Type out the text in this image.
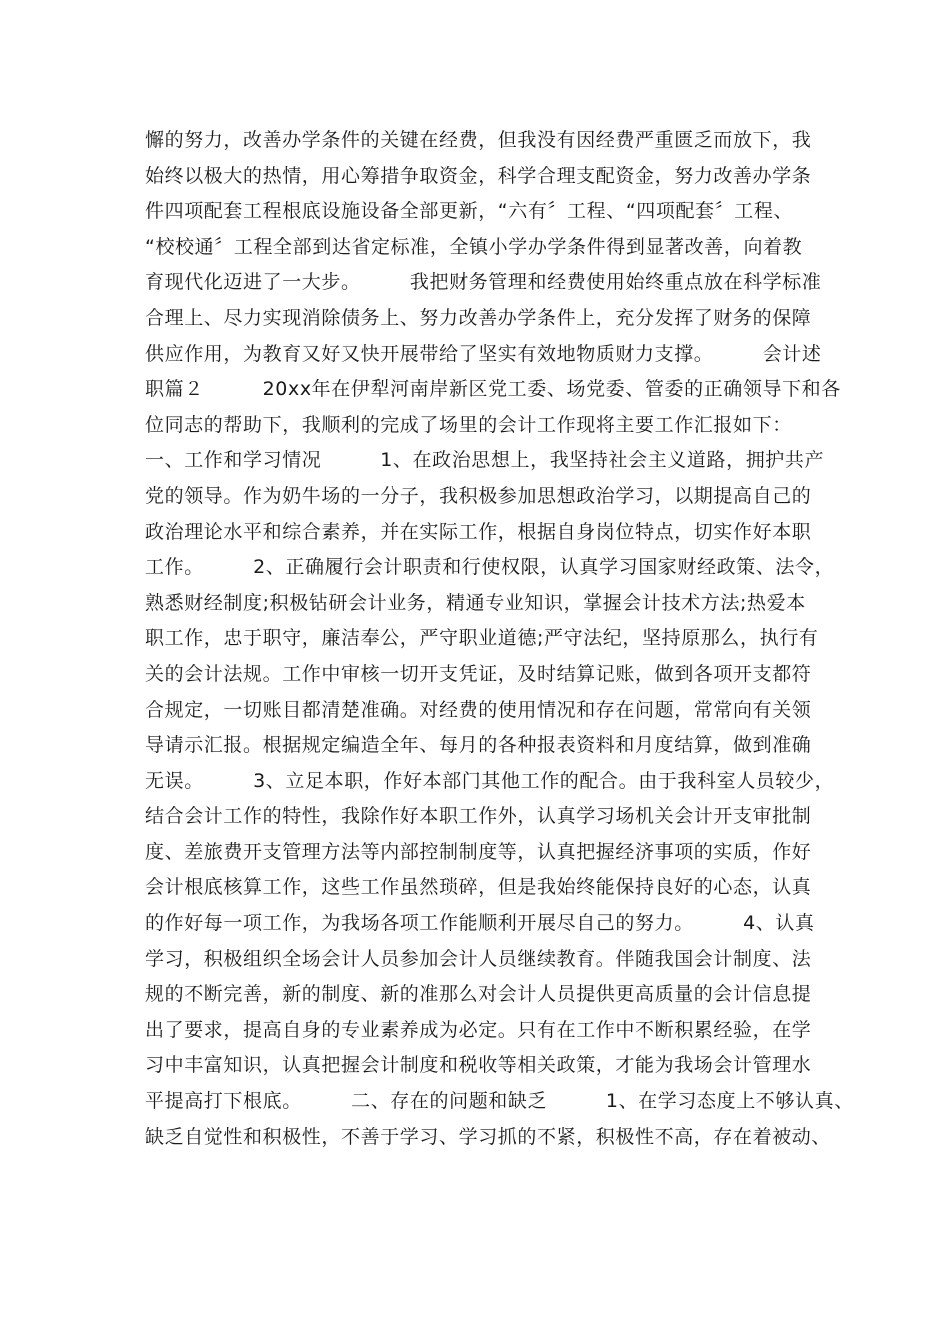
懈的努力，改善办学条件的关键在经费，但我没有因经费严重匮乏而放下，我
始终以极大的热情，用心筹措争取资金，科学合理支配资金，努力改善办学条
件四项配套工程根底设施设备全部更新，“六有〞工程、“四项配套〞工程、
“校校通〞工程全部到达省定标准，全镇小学办学条件得到显著改善，向着教
育现代化迈进了一大步。　　　我把财务管理和经费使用始终重点放在科学标准
合理上、尽力实现消除债务上、努力改善办学条件上，充分发挥了财务的保障
供应作用，为教育又好又快开展带给了坚实有效地物质财力支撑。　　　会计述
职篇２　　　20xx年在伊犁河南岸新区党工委、场党委、管委的正确领导下和各
位同志的帮助下，我顺利的完成了场里的会计工作现将主要工作汇报如下：
一、工作和学习情况　　　1、在政治思想上，我坚持社会主义道路，拥护共产
党的领导。作为奶牛场的一分子，我积极参加思想政治学习，以期提高自己的
政治理论水平和综合素养，并在实际工作，根据自身岗位特点，切实作好本职
工作。　　　2、正确履行会计职责和行使权限，认真学习国家财经政策、法令，
熟悉财经制度;积极钻研会计业务，精通专业知识，掌握会计技术方法;热爱本
职工作，忠于职守，廉洁奉公，严守职业道德;严守法纪，坚持原那么，执行有
关的会计法规。工作中审核一切开支凭证，及时结算记账，做到各项开支都符
合规定，一切账目都清楚准确。对经费的使用情况和存在问题，常常向有关领
导请示汇报。根据规定编造全年、每月的各种报表资料和月度结算，做到准确
无误。　　　3、立足本职，作好本部门其他工作的配合。由于我科室人员较少，
结合会计工作的特性，我除作好本职工作外，认真学习场机关会计开支审批制
度、差旅费开支管理方法等内部控制制度等，认真把握经济事项的实质，作好
会计根底核算工作，这些工作虽然琐碎，但是我始终能保持良好的心态，认真
的作好每一项工作，为我场各项工作能顺利开展尽自己的努力。　　　4、认真
学习，积极组织全场会计人员参加会计人员继续教育。伴随我国会计制度、法
规的不断完善，新的制度、新的准那么对会计人员提供更高质量的会计信息提
出了要求，提高自身的专业素养成为必定。只有在工作中不断积累经验，在学
习中丰富知识，认真把握会计制度和税收等相关政策，才能为我场会计管理水
平提高打下根底。　　　二、存在的问题和缺乏　　　1、在学习态度上不够认真、
缺乏自觉性和积极性，不善于学习、学习抓的不紧，积极性不高，存在着被动、
